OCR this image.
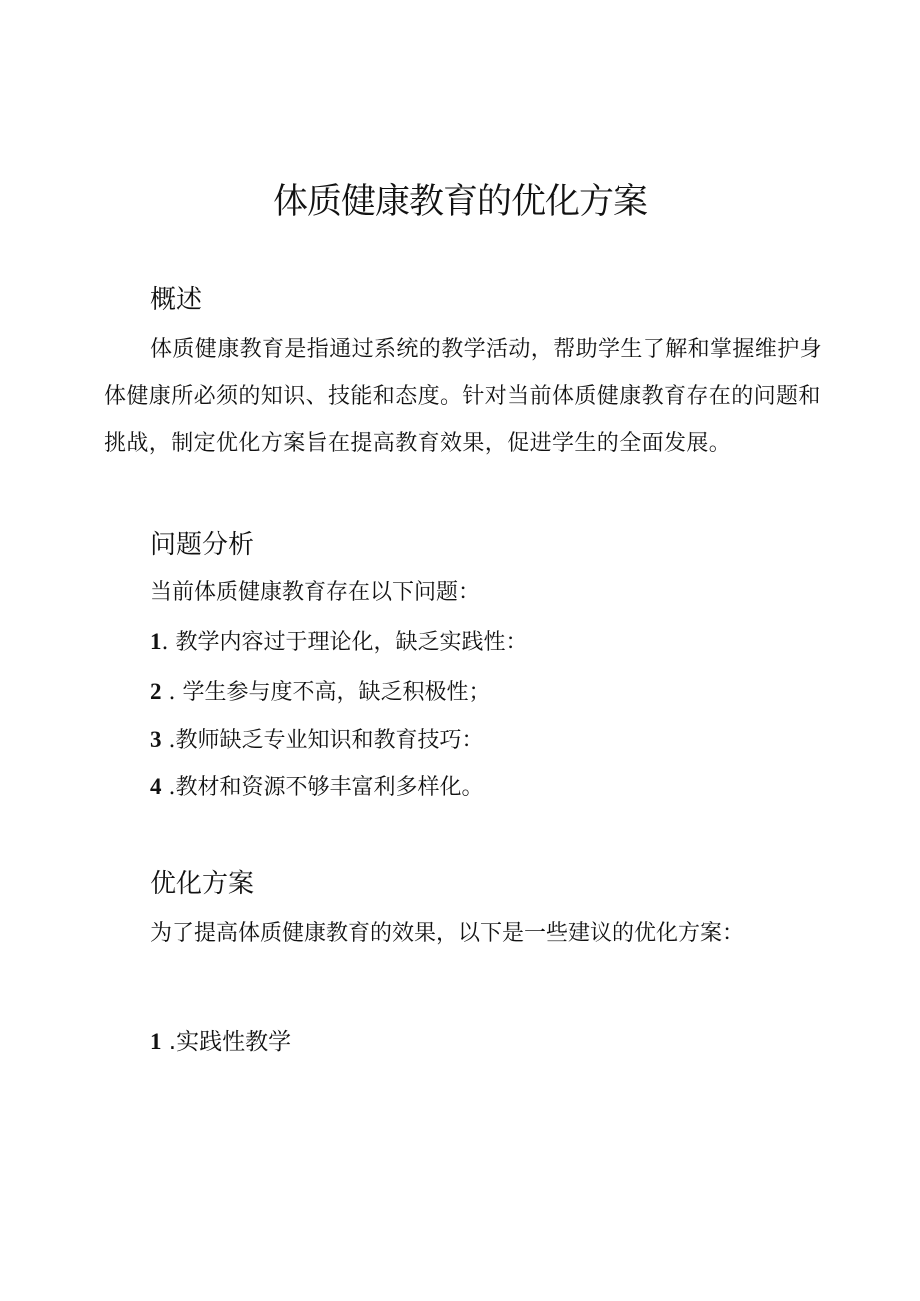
体质健康教育的优化方案
概述

体质健康教育是指通过系统的教学活动，帮助学生了解和掌握维护身体健康所必须的知识、技能和态度。针对当前体质健康教育存在的问题和挑战，制定优化方案旨在提高教育效果，促进学生的全面发展。

问题分析

当前体质健康教育存在以下问题：

1. 教学内容过于理论化，缺乏实践性：

2 . 学生参与度不高，缺乏积极性；

3 .教师缺乏专业知识和教育技巧：

4 .教材和资源不够丰富利多样化。

优化方案

为了提高体质健康教育的效果，以下是一些建议的优化方案：

1 .实践性教学
